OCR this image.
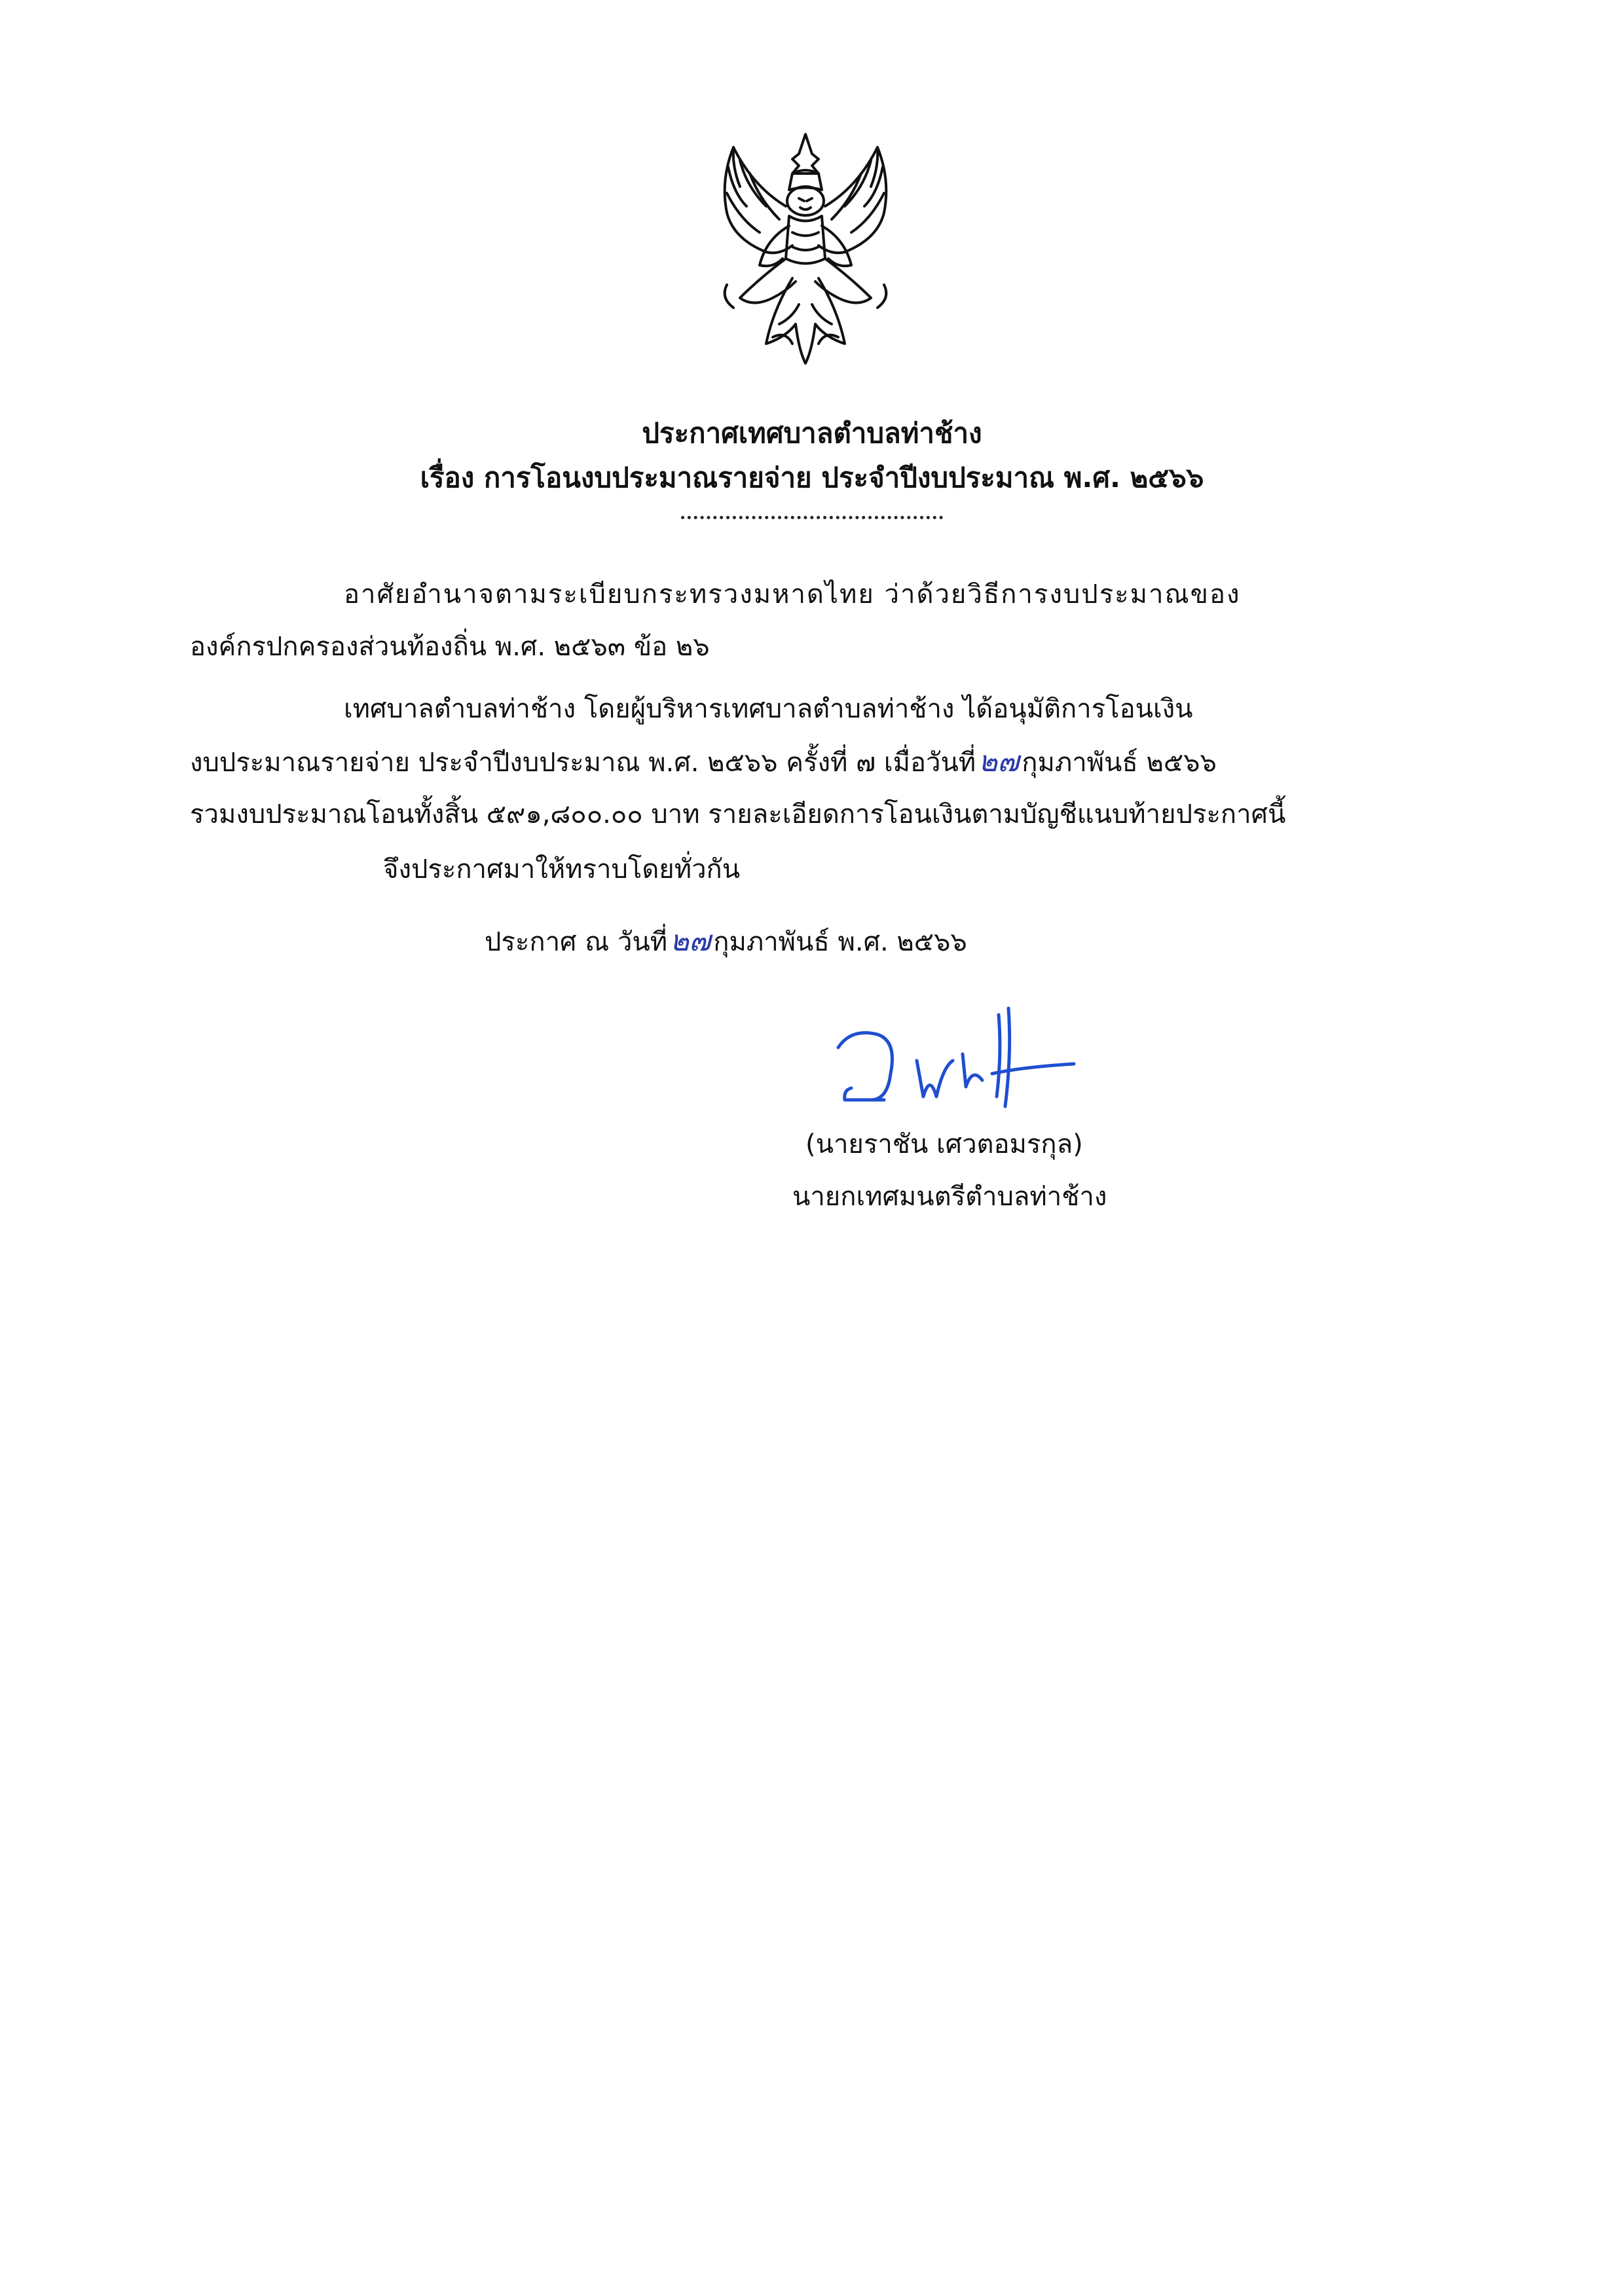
ประกาศเทศบาลตำบลท่าช้าง
เรื่อง การโอนงบประมาณรายจ่าย ประจำปีงบประมาณ พ.ศ. ๒๕๖๖
อาศัยอำนาจตามระเบียบกระทรวงมหาดไทย ว่าด้วยวิธีการงบประมาณของ
องค์กรปกครองส่วนท้องถิ่น พ.ศ. ๒๕๖๓ ข้อ ๒๖
เทศบาลตำบลท่าช้าง โดยผู้บริหารเทศบาลตำบลท่าช้าง ได้อนุมัติการโอนเงิน
งบประมาณรายจ่าย ประจำปีงบประมาณ พ.ศ. ๒๕๖๖ ครั้งที่ ๗ เมื่อวันที่๒๗ กุมภาพันธ์ ๒๕๖๖
รวมงบประมาณโอนทั้งสิ้น ๕๙๑,๘๐๐.๐๐ บาท รายละเอียดการโอนเงินตามบัญชีแนบท้ายประกาศนี้
จึงประกาศมาให้ทราบโดยทั่วกัน
ประกาศ ณ วันที่๒๗ กุมภาพันธ์ พ.ศ. ๒๕๖๖
(นายราชัน เศวตอมรกุล)
นายกเทศมนตรีตำบลท่าช้าง
